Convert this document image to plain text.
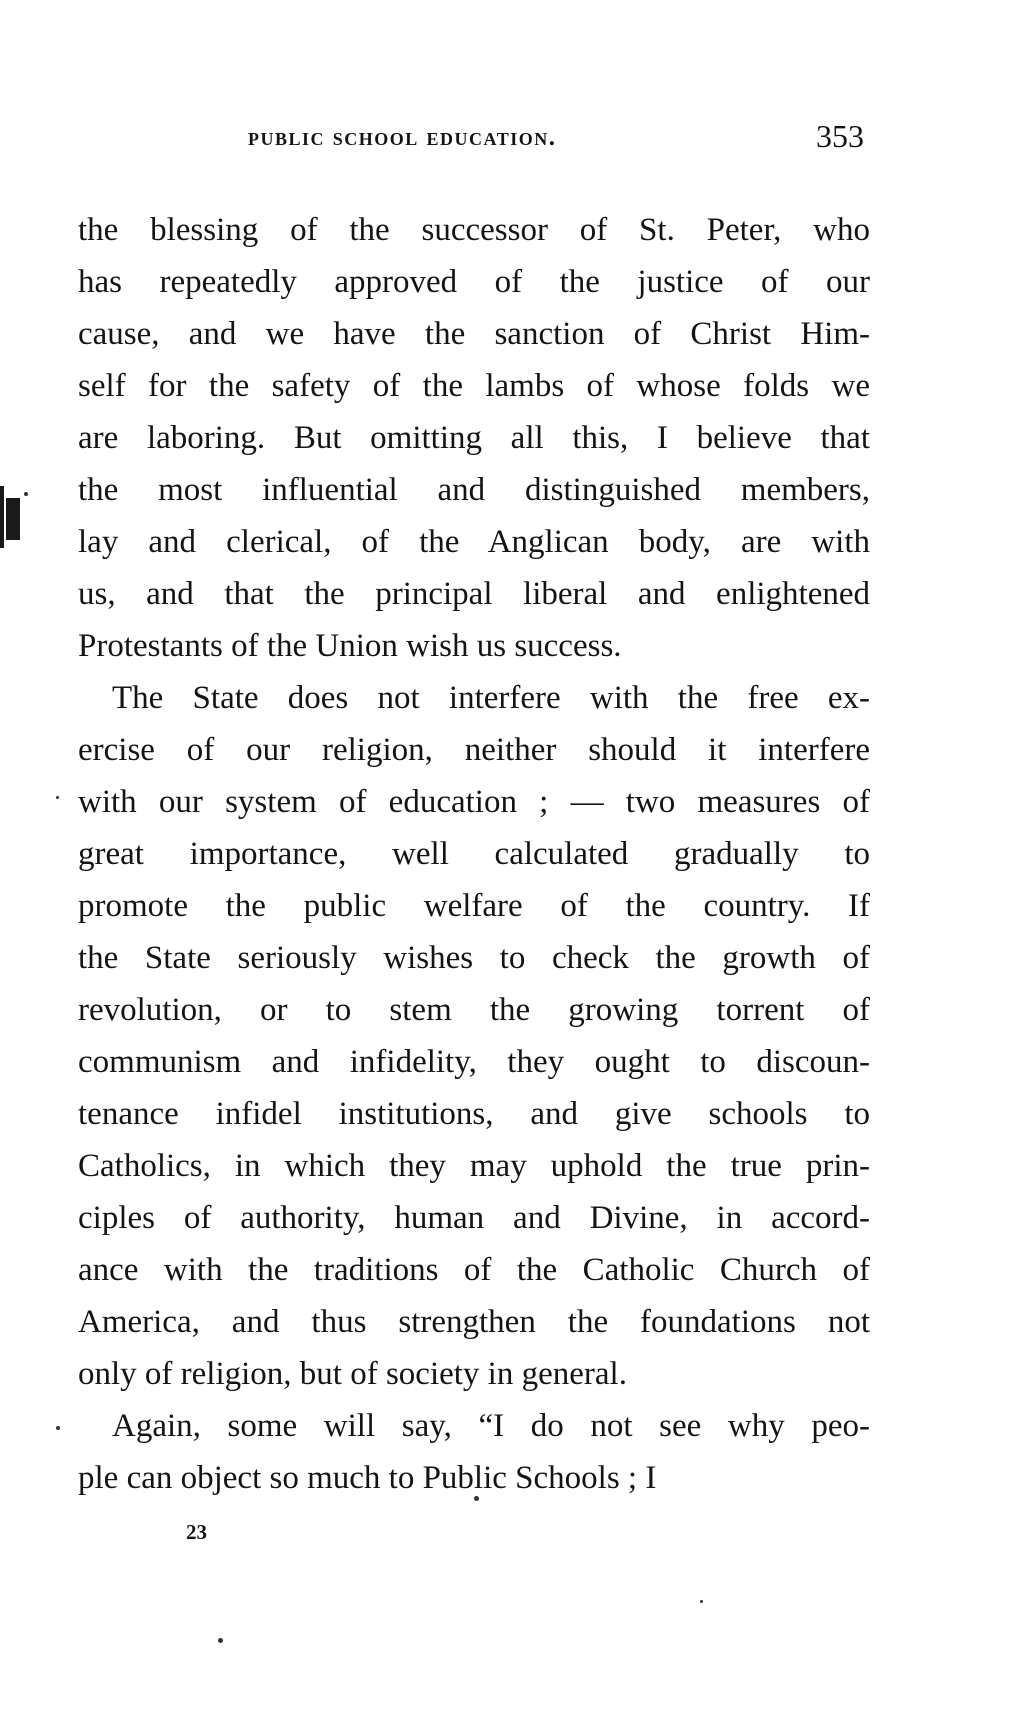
public school education.	353
the blessing of the successor of St. Peter, who
has repeatedly approved of the justice of our
cause, and we have the sanction of Christ Him-
self for the safety of the lambs of whose folds we
are laboring. But omitting all this, I believe that
the most influential and distinguished members,
lay and clerical, of the Anglican body, are with
us, and that the principal liberal and enlightened
Protestants of the Union wish us success.
The State does not interfere with the free ex-
ercise of our religion, neither should it interfere
with our system of education ; — two measures of
great importance, well calculated gradually to
promote the public welfare of the country. If
the State seriously wishes to check the growth of
revolution, or to stem the growing torrent of
communism and infidelity, they ought to discoun-
tenance infidel institutions, and give schools to
Catholics, in which they may uphold the true prin-
ciples of authority, human and Divine, in accord-
ance with the traditions of the Catholic Church of
America, and thus strengthen the foundations not
only of religion, but of society in general.
Again, some will say, “I do not see why peo-
ple can object so much to Public Schools ; I
23
